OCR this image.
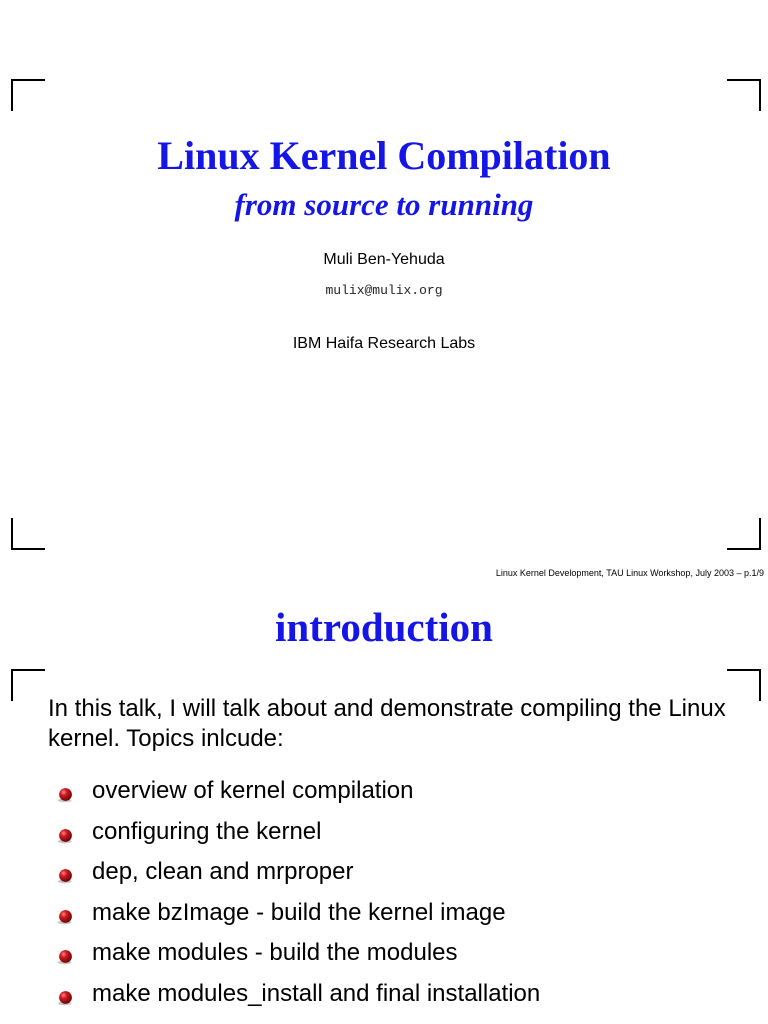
Linux Kernel Compilation
from source to running
Muli Ben-Yehuda
mulix@mulix.org
IBM Haifa Research Labs
Linux Kernel Development, TAU Linux Workshop, July 2003 – p.1/9
introduction
In this talk, I will talk about and demonstrate compiling the Linux kernel. Topics inlcude:
overview of kernel compilation
configuring the kernel
dep, clean and mrproper
make bzImage - build the kernel image
make modules - build the modules
make modules_install and final installation
